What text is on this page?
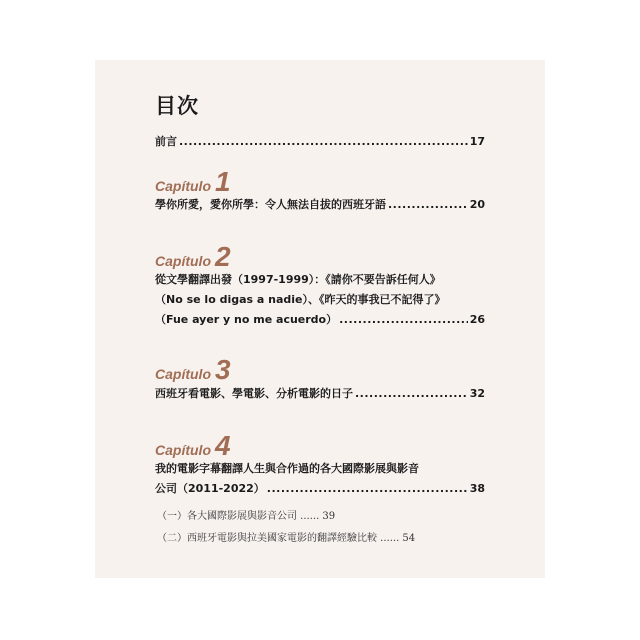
目次
前言 .....	17
Capítulo 1
學你所愛，愛你所學：令人無法自拔的西班牙語 .....	20
Capítulo 2
從文學翻譯出發（1997-1999）：《請你不要告訴任何人》
（No se lo digas a nadie）、《昨天的事我已不記得了》
（Fue ayer y no me acuerdo） .....	26
Capítulo 3
西班牙看電影、學電影、分析電影的日子 .....	32
Capítulo 4
我的電影字幕翻譯人生與合作過的各大國際影展與影音
公司（2011-2022） .....	38
（一）各大國際影展與影音公司 ...... 39
（二）西班牙電影與拉美國家電影的翻譯經驗比較 ...... 54
